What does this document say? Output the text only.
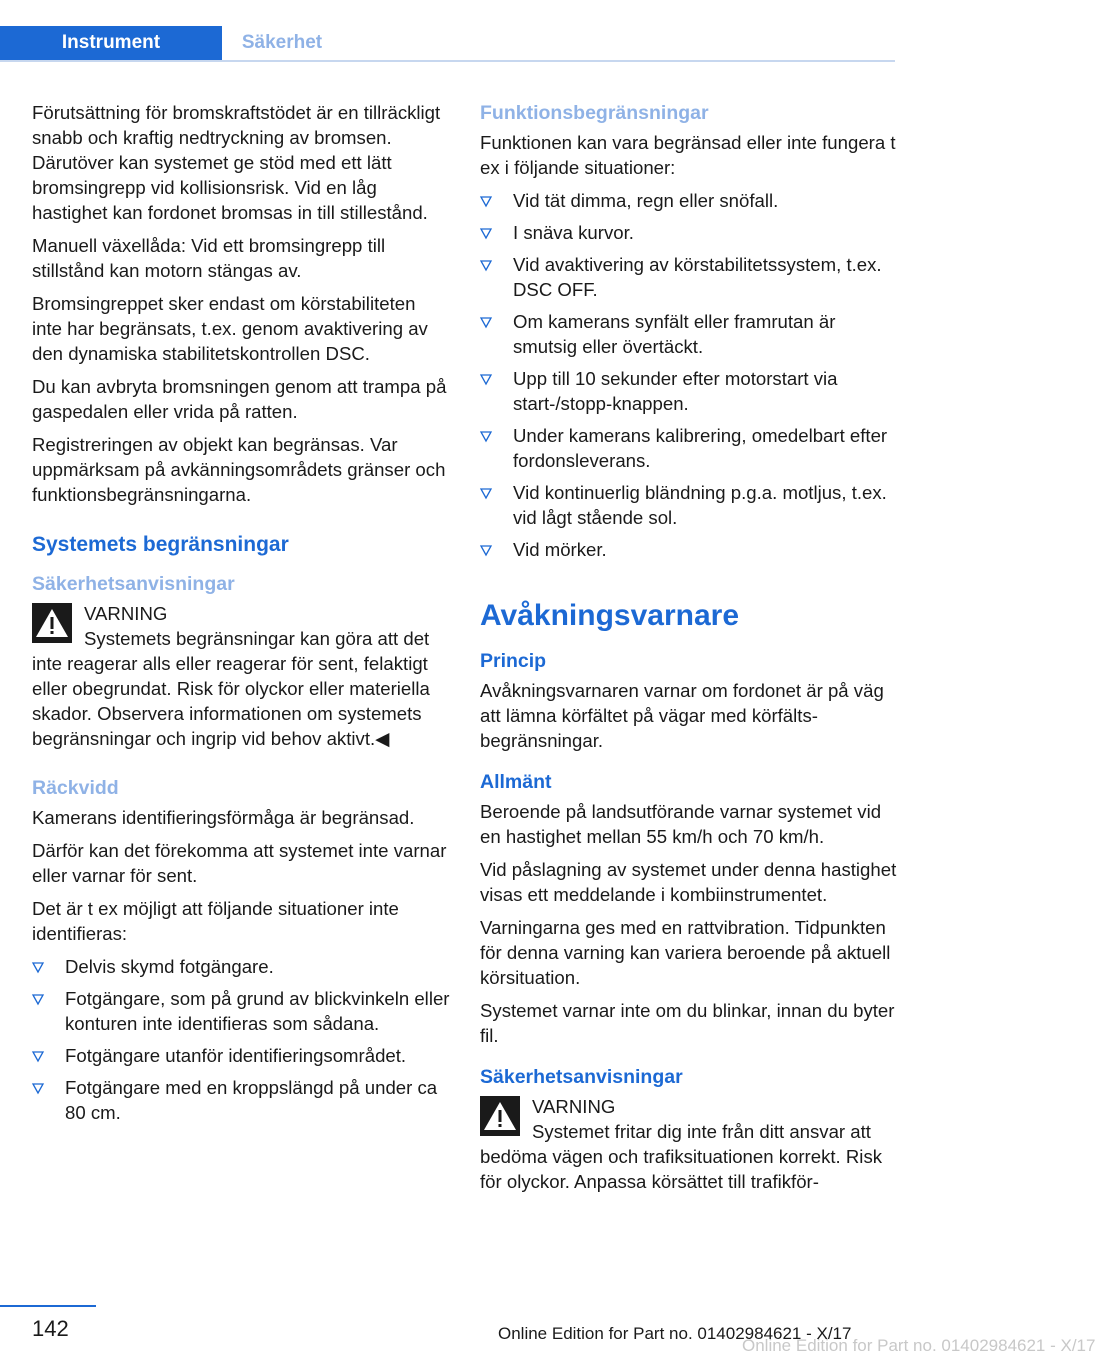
Instrument	Säkerhet

Förutsättning för bromskraftstödet är en tillräckligt snabb och kraftig nedtryckning av bromsen. Därutöver kan systemet ge stöd med ett lätt bromsingrepp vid kollisionsrisk. Vid en låg hastighet kan fordonet bromsas in till stillestånd.

Manuell växellåda: Vid ett bromsingrepp till stillstånd kan motorn stängas av.

Bromsingreppet sker endast om körstabiliteten inte har begränsats, t.ex. genom avaktivering av den dynamiska stabilitetskontrollen DSC.

Du kan avbryta bromsningen genom att trampa på gaspedalen eller vrida på ratten.

Registreringen av objekt kan begränsas. Var uppmärksam på avkänningsområdets gränser och funktionsbegränsningarna.

Systemets begränsningar
Säkerhetsanvisningar
VARNING
Systemets begränsningar kan göra att det inte reagerar alls eller reagerar för sent, felaktigt eller obegrundat. Risk för olyckor eller materiella skador. Observera informationen om systemets begränsningar och ingrip vid behov aktivt.◀
Räckvidd

Kamerans identifieringsförmåga är begränsad.

Därför kan det förekomma att systemet inte varnar eller varnar för sent.

Det är t ex möjligt att följande situationer inte identifieras:

Delvis skymd fotgängare.
Fotgängare, som på grund av blickvinkeln eller konturen inte identifieras som sådana.
Fotgängare utanför identifieringsområdet.
Fotgängare med en kroppslängd på under ca 80 cm.
Funktionsbegränsningar

Funktionen kan vara begränsad eller inte fungera t ex i följande situationer:

Vid tät dimma, regn eller snöfall.
I snäva kurvor.
Vid avaktivering av körstabilitetssystem, t.ex. DSC OFF.
Om kamerans synfält eller framrutan är smutsig eller övertäckt.
Upp till 10 sekunder efter motorstart via start-/stopp-knappen.
Under kamerans kalibrering, omedelbart efter fordonsleverans.
Vid kontinuerlig bländning p.g.a. motljus, t.ex. vid lågt stående sol.
Vid mörker.
Avåkningsvarnare
Princip

Avåkningsvarnaren varnar om fordonet är på väg att lämna körfältet på vägar med körfältsbegränsningar.

Allmänt

Beroende på landsutförande varnar systemet vid en hastighet mellan 55 km/h och 70 km/h.

Vid påslagning av systemet under denna hastighet visas ett meddelande i kombiinstrumentet.

Varningarna ges med en rattvibration. Tidpunkten för denna varning kan variera beroende på aktuell körsituation.

Systemet varnar inte om du blinkar, innan du byter fil.

Säkerhetsanvisningar
VARNING
Systemet fritar dig inte från ditt ansvar att bedöma vägen och trafiksituationen korrekt. Risk för olyckor. Anpassa körsättet till trafikför-
142	Online Edition for Part no. 01402984621 - X/17
Online Edition for Part no. 01402984621 - X/17
